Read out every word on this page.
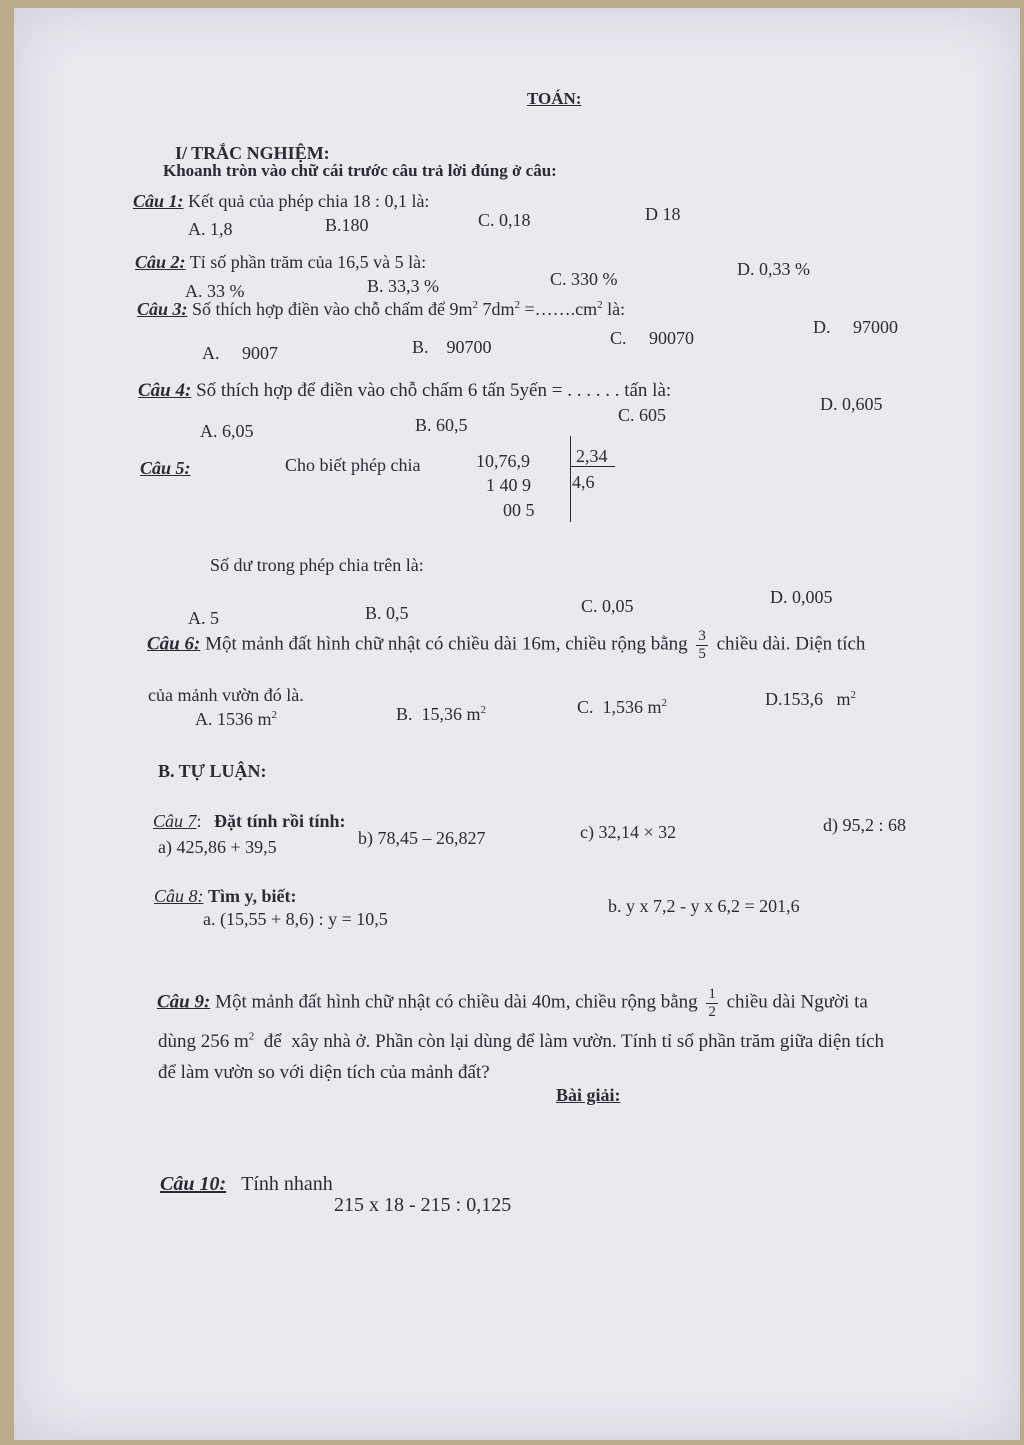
TOÁN:
I/ TRẮC NGHIỆM:
Khoanh tròn vào chữ cái trước câu trả lời đúng ở câu:
Câu 1: Kết quả của phép chia 18 : 0,1 là:
A. 1,8	B.180	C. 0,18	D 18
Câu 2: Tỉ số phần trăm của 16,5 và 5 là:
A. 33 %	B. 33,3 %	C. 330 %	D. 0,33 %
Câu 3: Số thích hợp điền vào chỗ chấm để $9m^2$ $7dm^2$ $=\dots\dots.cm^2$ là:
A.     9007	B.    90700	C.     90070
D.     97000
Câu 4: Số thích hợp để điền vào chỗ chấm 6 tấn 5yến = . . . . . . tấn là:
A. 6,05	B. 60,5	C. 605
D. 0,605
Câu 5:	Cho biết phép chia	10,76,9	2,34
1 40 9 4,6
00 5
Số dư trong phép chia trên là:
A. 5	B. 0,5	C. 0,05	D. 0,005
Câu 6: Một mảnh đất hình chữ nhật có chiều dài 16m, chiều rộng bằng $\frac{3}{5}$ chiều dài. Diện tích
của mảnh vườn đó là.
A. 1536 $m^2$	B.  15,36 $m^2$	C.  1,536 $m^2$	D.153,6   $m^2$
B. TỰ LUẬN:
Câu 7: Đặt tính rồi tính:
a) 425,86 + 39,5	b) 78,45 – 26,827	c) 32,14 × 32	d) 95,2 : 68
Câu 8: Tìm y, biết:
a. (15,55 + 8,6) : y = 10,5
b. y x 7,2 - y x 6,2 = 201,6
Câu 9: Một mảnh đất hình chữ nhật có chiều dài 40m, chiều rộng bằng $\frac{1}{2}$ chiều dài Người ta
dùng 256 $m^2$  để  xây nhà ở. Phần còn lại dùng để làm vườn. Tính tỉ số phần trăm giữa diện tích
để làm vườn so với diện tích của mảnh đất?
Bài giải:
Câu 10: Tính nhanh
215 x 18 - 215 : 0,125
